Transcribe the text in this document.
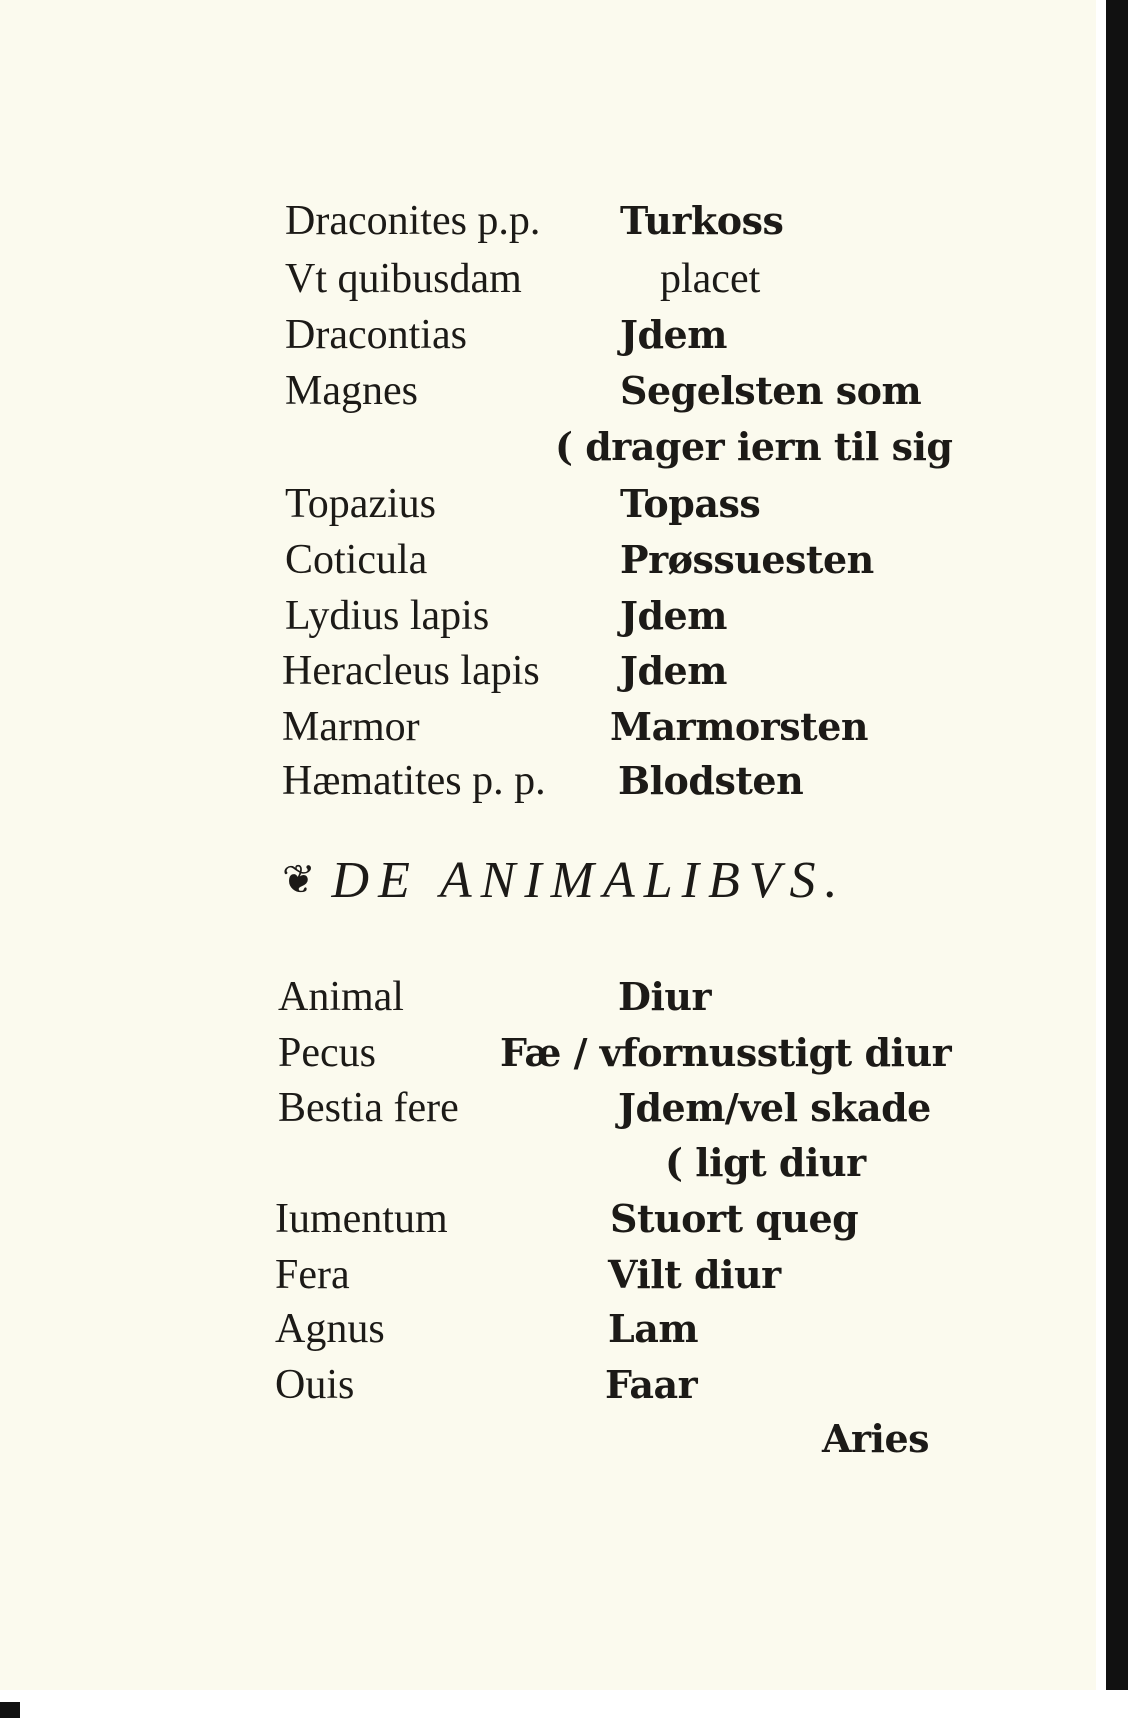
Draconites p.p. Turkoss
Vt quibusdam	placet
Dracontias	Jdem
Magnes	Segelsten som
( drager iern til sig
Topazius	Topass
Coticula	Prøssuesten
Lydius lapis	Jdem
Heracleus lapis Jdem
Marmor	Marmorsten
Hæmatites p. p. Blodsten
❦ DE ANIMALIBVS.
Animal	Diur
Pecus	Fæ / vfornusstigt diur
Bestia fere	Jdem/vel skade
( ligt diur
Iumentum	Stuort queg
Fera	Vilt diur
Agnus	Lam
Ouis	Faar
Aries
